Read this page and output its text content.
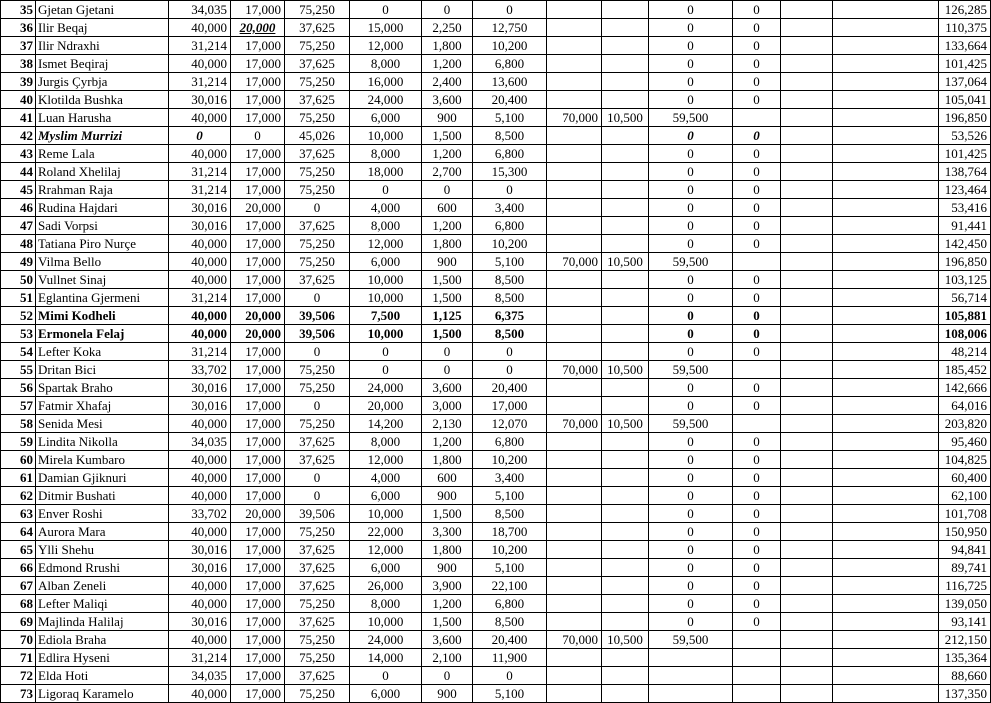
35	Gjetan Gjetani	34,035	17,000	75,250	0	0	0			0	0			126,285
36	Ilir Beqaj	40,000	20,000	37,625	15,000	2,250	12,750			0	0			110,375
37	Ilir Ndraxhi	31,214	17,000	75,250	12,000	1,800	10,200			0	0			133,664
38	Ismet Beqiraj	40,000	17,000	37,625	8,000	1,200	6,800			0	0			101,425
39	Jurgis Çyrbja	31,214	17,000	75,250	16,000	2,400	13,600			0	0			137,064
40	Klotilda Bushka	30,016	17,000	37,625	24,000	3,600	20,400			0	0			105,041
41	Luan Harusha	40,000	17,000	75,250	6,000	900	5,100	70,000	10,500	59,500				196,850
42	Myslim Murrizi	0	0	45,026	10,000	1,500	8,500			0	0			53,526
43	Reme Lala	40,000	17,000	37,625	8,000	1,200	6,800			0	0			101,425
44	Roland Xhelilaj	31,214	17,000	75,250	18,000	2,700	15,300			0	0			138,764
45	Rrahman Raja	31,214	17,000	75,250	0	0	0			0	0			123,464
46	Rudina Hajdari	30,016	20,000	0	4,000	600	3,400			0	0			53,416
47	Sadi Vorpsi	30,016	17,000	37,625	8,000	1,200	6,800			0	0			91,441
48	Tatiana Piro Nurçe	40,000	17,000	75,250	12,000	1,800	10,200			0	0			142,450
49	Vilma Bello	40,000	17,000	75,250	6,000	900	5,100	70,000	10,500	59,500				196,850
50	Vullnet Sinaj	40,000	17,000	37,625	10,000	1,500	8,500			0	0			103,125
51	Eglantina Gjermeni	31,214	17,000	0	10,000	1,500	8,500			0	0			56,714
52	Mimi Kodheli	40,000	20,000	39,506	7,500	1,125	6,375			0	0			105,881
53	Ermonela Felaj	40,000	20,000	39,506	10,000	1,500	8,500			0	0			108,006
54	Lefter Koka	31,214	17,000	0	0	0	0			0	0			48,214
55	Dritan Bici	33,702	17,000	75,250	0	0	0	70,000	10,500	59,500				185,452
56	Spartak Braho	30,016	17,000	75,250	24,000	3,600	20,400			0	0			142,666
57	Fatmir Xhafaj	30,016	17,000	0	20,000	3,000	17,000			0	0			64,016
58	Senida Mesi	40,000	17,000	75,250	14,200	2,130	12,070	70,000	10,500	59,500				203,820
59	Lindita Nikolla	34,035	17,000	37,625	8,000	1,200	6,800			0	0			95,460
60	Mirela Kumbaro	40,000	17,000	37,625	12,000	1,800	10,200			0	0			104,825
61	Damian Gjiknuri	40,000	17,000	0	4,000	600	3,400			0	0			60,400
62	Ditmir Bushati	40,000	17,000	0	6,000	900	5,100			0	0			62,100
63	Enver Roshi	33,702	20,000	39,506	10,000	1,500	8,500			0	0			101,708
64	Aurora Mara	40,000	17,000	75,250	22,000	3,300	18,700			0	0			150,950
65	Ylli Shehu	30,016	17,000	37,625	12,000	1,800	10,200			0	0			94,841
66	Edmond Rrushi	30,016	17,000	37,625	6,000	900	5,100			0	0			89,741
67	Alban Zeneli	40,000	17,000	37,625	26,000	3,900	22,100			0	0			116,725
68	Lefter Maliqi	40,000	17,000	75,250	8,000	1,200	6,800			0	0			139,050
69	Majlinda Halilaj	30,016	17,000	37,625	10,000	1,500	8,500			0	0			93,141
70	Ediola Braha	40,000	17,000	75,250	24,000	3,600	20,400	70,000	10,500	59,500				212,150
71	Edlira Hyseni	31,214	17,000	75,250	14,000	2,100	11,900							135,364
72	Elda Hoti	34,035	17,000	37,625	0	0	0							88,660
73	Ligoraq Karamelo	40,000	17,000	75,250	6,000	900	5,100							137,350
